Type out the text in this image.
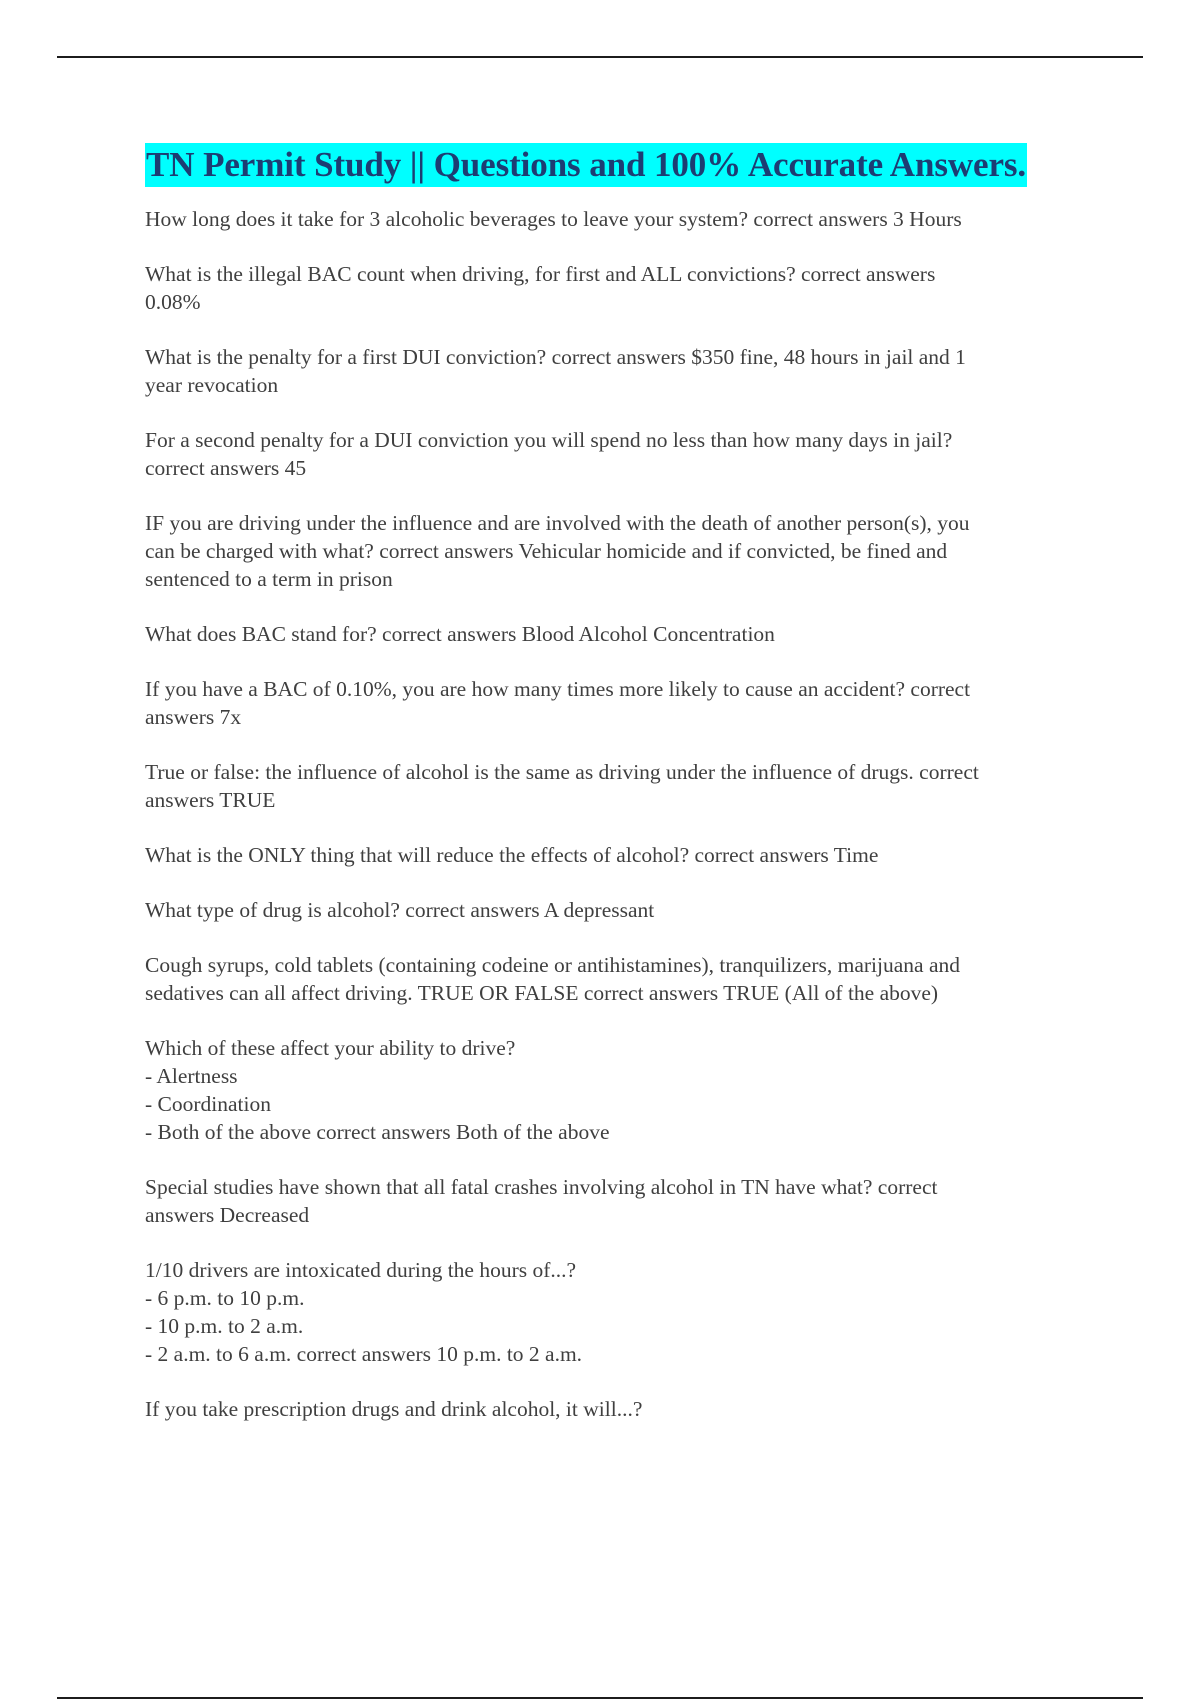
TN Permit Study || Questions and 100% Accurate Answers.
How long does it take for 3 alcoholic beverages to leave your system? correct answers 3 Hours
What is the illegal BAC count when driving, for first and ALL convictions? correct answers
0.08%
What is the penalty for a first DUI conviction? correct answers $350 fine, 48 hours in jail and 1
year revocation
For a second penalty for a DUI conviction you will spend no less than how many days in jail?
correct answers 45
IF you are driving under the influence and are involved with the death of another person(s), you
can be charged with what? correct answers Vehicular homicide and if convicted, be fined and
sentenced to a term in prison
What does BAC stand for? correct answers Blood Alcohol Concentration
If you have a BAC of 0.10%, you are how many times more likely to cause an accident? correct
answers 7x
True or false: the influence of alcohol is the same as driving under the influence of drugs. correct
answers TRUE
What is the ONLY thing that will reduce the effects of alcohol? correct answers Time
What type of drug is alcohol? correct answers A depressant
Cough syrups, cold tablets (containing codeine or antihistamines), tranquilizers, marijuana and
sedatives can all affect driving. TRUE OR FALSE correct answers TRUE (All of the above)
Which of these affect your ability to drive?
- Alertness
- Coordination
- Both of the above correct answers Both of the above
Special studies have shown that all fatal crashes involving alcohol in TN have what? correct
answers Decreased
1/10 drivers are intoxicated during the hours of...?
- 6 p.m. to 10 p.m.
- 10 p.m. to 2 a.m.
- 2 a.m. to 6 a.m. correct answers 10 p.m. to 2 a.m.
If you take prescription drugs and drink alcohol, it will...?
